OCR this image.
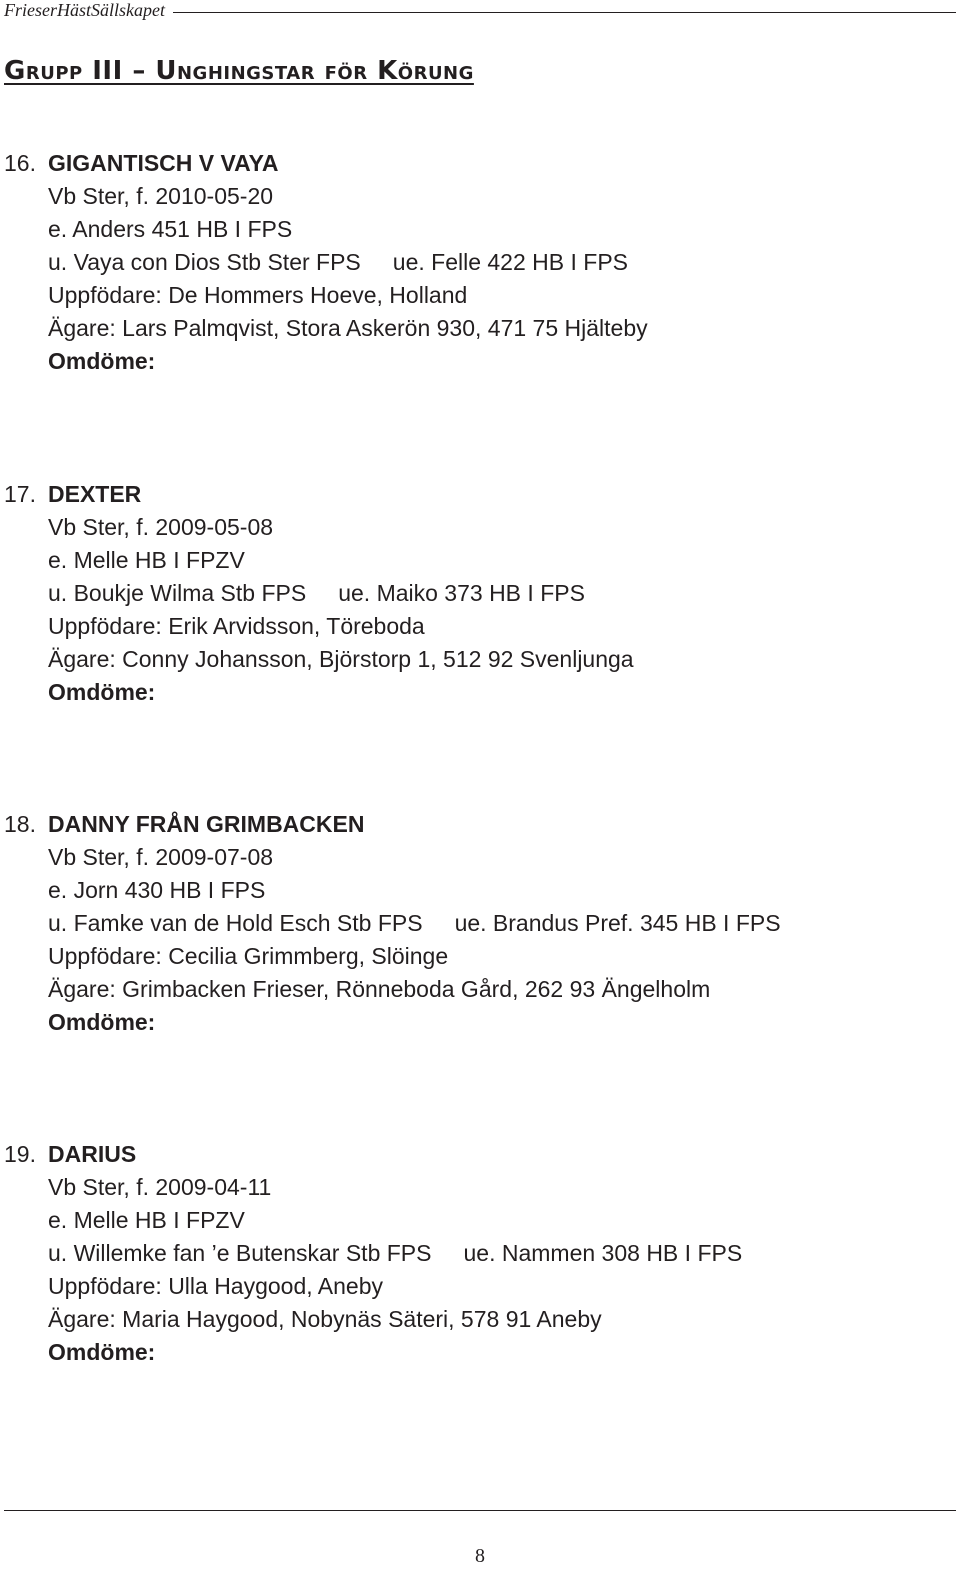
FrieserHästSällskapet
Grupp III – Unghingstar för Körung
16. GIGANTISCH V VAYA
Vb Ster, f. 2010-05-20
e. Anders 451 HB I FPS
u. Vaya con Dios Stb Ster FPS ue. Felle 422 HB I FPS
Uppfödare: De Hommers Hoeve, Holland
Ägare: Lars Palmqvist, Stora Askerön 930, 471 75 Hjälteby
Omdöme:
17. DEXTER
Vb Ster, f. 2009-05-08
e. Melle HB I FPZV
u. Boukje Wilma Stb FPS ue. Maiko 373 HB I FPS
Uppfödare: Erik Arvidsson, Töreboda
Ägare: Conny Johansson, Björstorp 1, 512 92 Svenljunga
Omdöme:
18. DANNY FRÅN GRIMBACKEN
Vb Ster, f. 2009-07-08
e. Jorn 430 HB I FPS
u. Famke van de Hold Esch Stb FPS ue. Brandus Pref. 345 HB I FPS
Uppfödare: Cecilia Grimmberg, Slöinge
Ägare: Grimbacken Frieser, Rönneboda Gård, 262 93 Ängelholm
Omdöme:
19. DARIUS
Vb Ster, f. 2009-04-11
e. Melle HB I FPZV
u. Willemke fan ’e Butenskar Stb FPS ue. Nammen 308 HB I FPS
Uppfödare: Ulla Haygood, Aneby
Ägare: Maria Haygood, Nobynäs Säteri, 578 91 Aneby
Omdöme:
8
